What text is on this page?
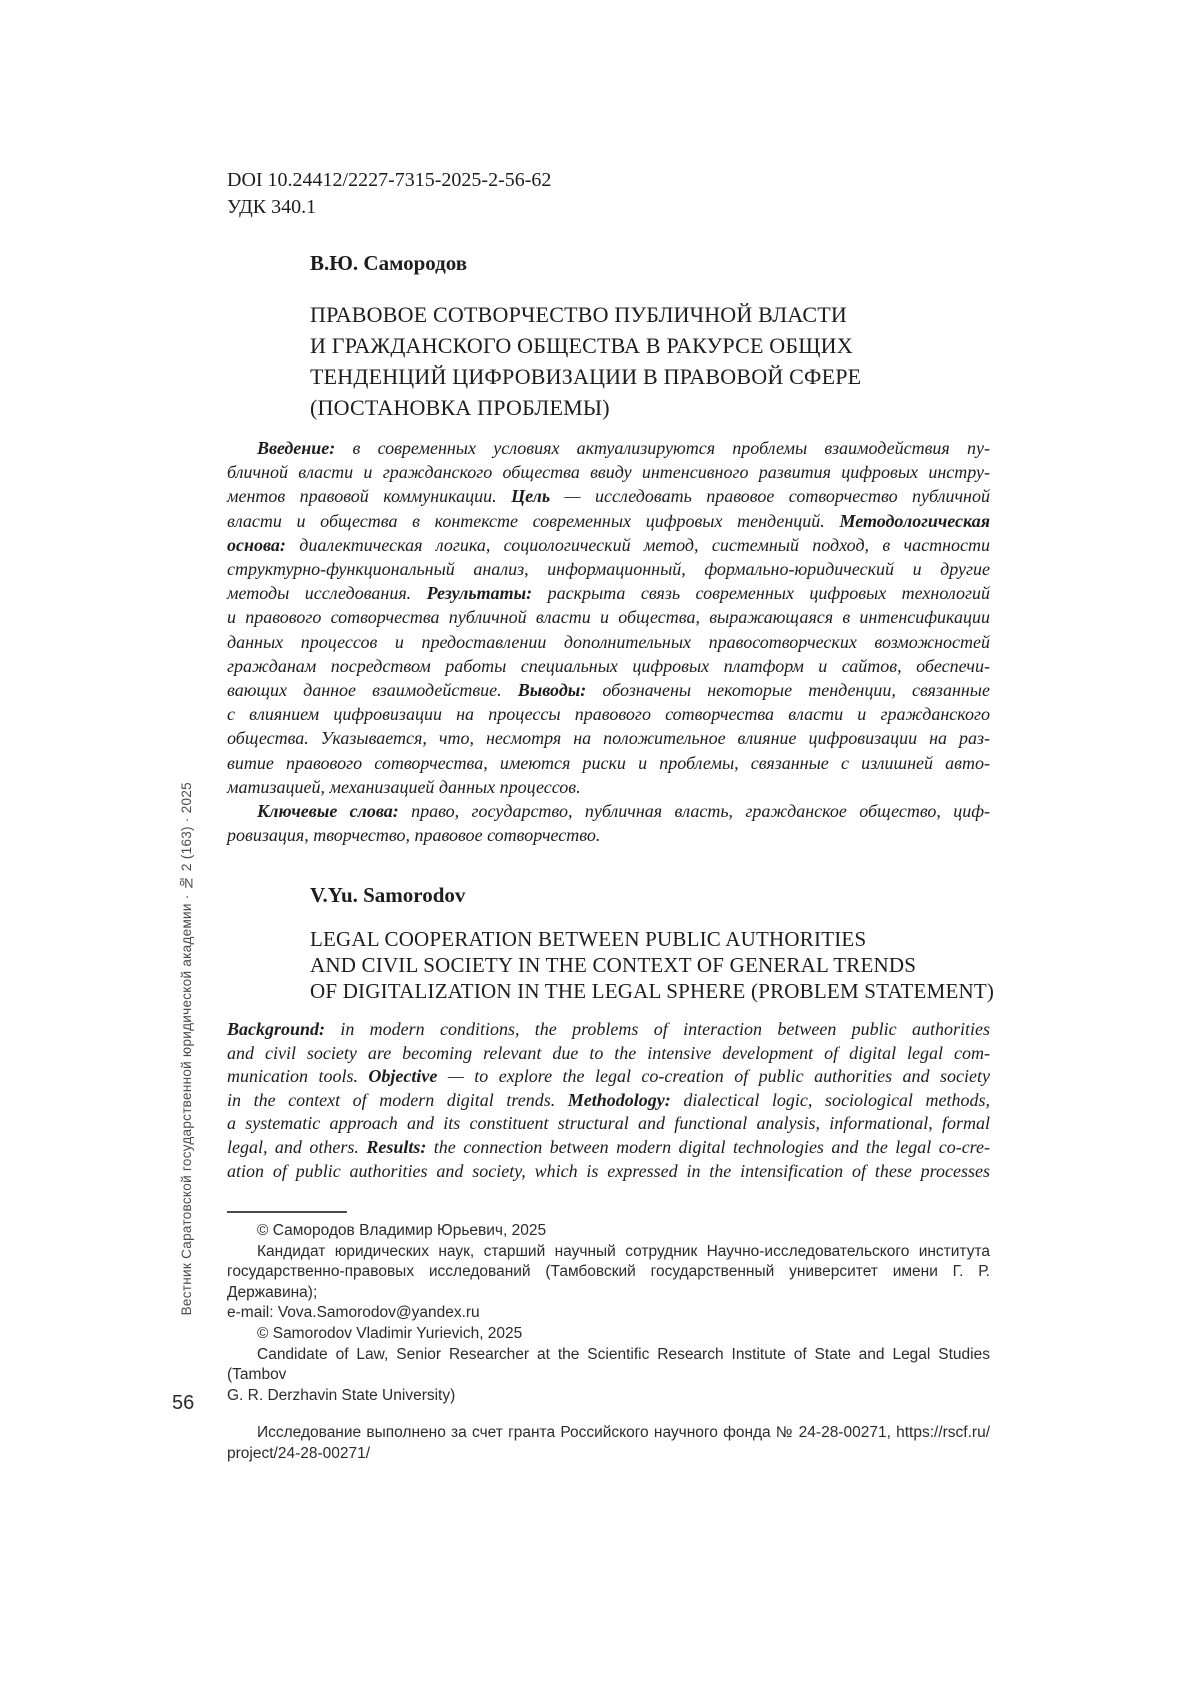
DOI 10.24412/2227-7315-2025-2-56-62
УДК 340.1
В.Ю. Самородов
ПРАВОВОЕ СОТВОРЧЕСТВО ПУБЛИЧНОЙ ВЛАСТИ
И ГРАЖДАНСКОГО ОБЩЕСТВА В РАКУРСЕ ОБЩИХ
ТЕНДЕНЦИЙ ЦИФРОВИЗАЦИИ В ПРАВОВОЙ СФЕРЕ
(ПОСТАНОВКА ПРОБЛЕМЫ)
Введение: в современных условиях актуализируются проблемы взаимодействия пу-
бличной власти и гражданского общества ввиду интенсивного развития цифровых инстру-
ментов правовой коммуникации. Цель — исследовать правовое сотворчество публичной
власти и общества в контексте современных цифровых тенденций. Методологическая
основа: диалектическая логика, социологический метод, системный подход, в частности
структурно-функциональный анализ, информационный, формально-юридический и другие
методы исследования. Результаты: раскрыта связь современных цифровых технологий
и правового сотворчества публичной власти и общества, выражающаяся в интенсификации
данных процессов и предоставлении дополнительных правосотворческих возможностей
гражданам посредством работы специальных цифровых платформ и сайтов, обеспечи-
вающих данное взаимодействие. Выводы: обозначены некоторые тенденции, связанные
с влиянием цифровизации на процессы правового сотворчества власти и гражданского
общества. Указывается, что, несмотря на положительное влияние цифровизации на раз-
витие правового сотворчества, имеются риски и проблемы, связанные с излишней авто-
матизацией, механизацией данных процессов.
Ключевые слова: право, государство, публичная власть, гражданское общество, циф-
ровизация, творчество, правовое сотворчество.
V.Yu. Samorodov
LEGAL COOPERATION BETWEEN PUBLIC AUTHORITIES
AND CIVIL SOCIETY IN THE CONTEXT OF GENERAL TRENDS
OF DIGITALIZATION IN THE LEGAL SPHERE (PROBLEM STATEMENT)
Background: in modern conditions, the problems of interaction between public authorities
and civil society are becoming relevant due to the intensive development of digital legal com-
munication tools. Objective — to explore the legal co-creation of public authorities and society
in the context of modern digital trends. Methodology: dialectical logic, sociological methods,
a systematic approach and its constituent structural and functional analysis, informational, formal
legal, and others. Results: the connection between modern digital technologies and the legal co-cre-
ation of public authorities and society, which is expressed in the intensification of these processes
© Самородов Владимир Юрьевич, 2025
Кандидат юридических наук, старший научный сотрудник Научно-исследовательского института
государственно-правовых исследований (Тамбовский государственный университет имени Г. Р. Державина);
e-mail: Vova.Samorodov@yandex.ru
© Samorodov Vladimir Yurievich, 2025
Candidate of Law, Senior Researcher at the Scientific Research Institute of State and Legal Studies (Tambov
G. R. Derzhavin State University)
Исследование выполнено за счет гранта Российского научного фонда № 24-28-00271, https://rscf.ru/
project/24-28-00271/
Вестник Саратовской государственной юридической академии · № 2 (163) · 2025
56
